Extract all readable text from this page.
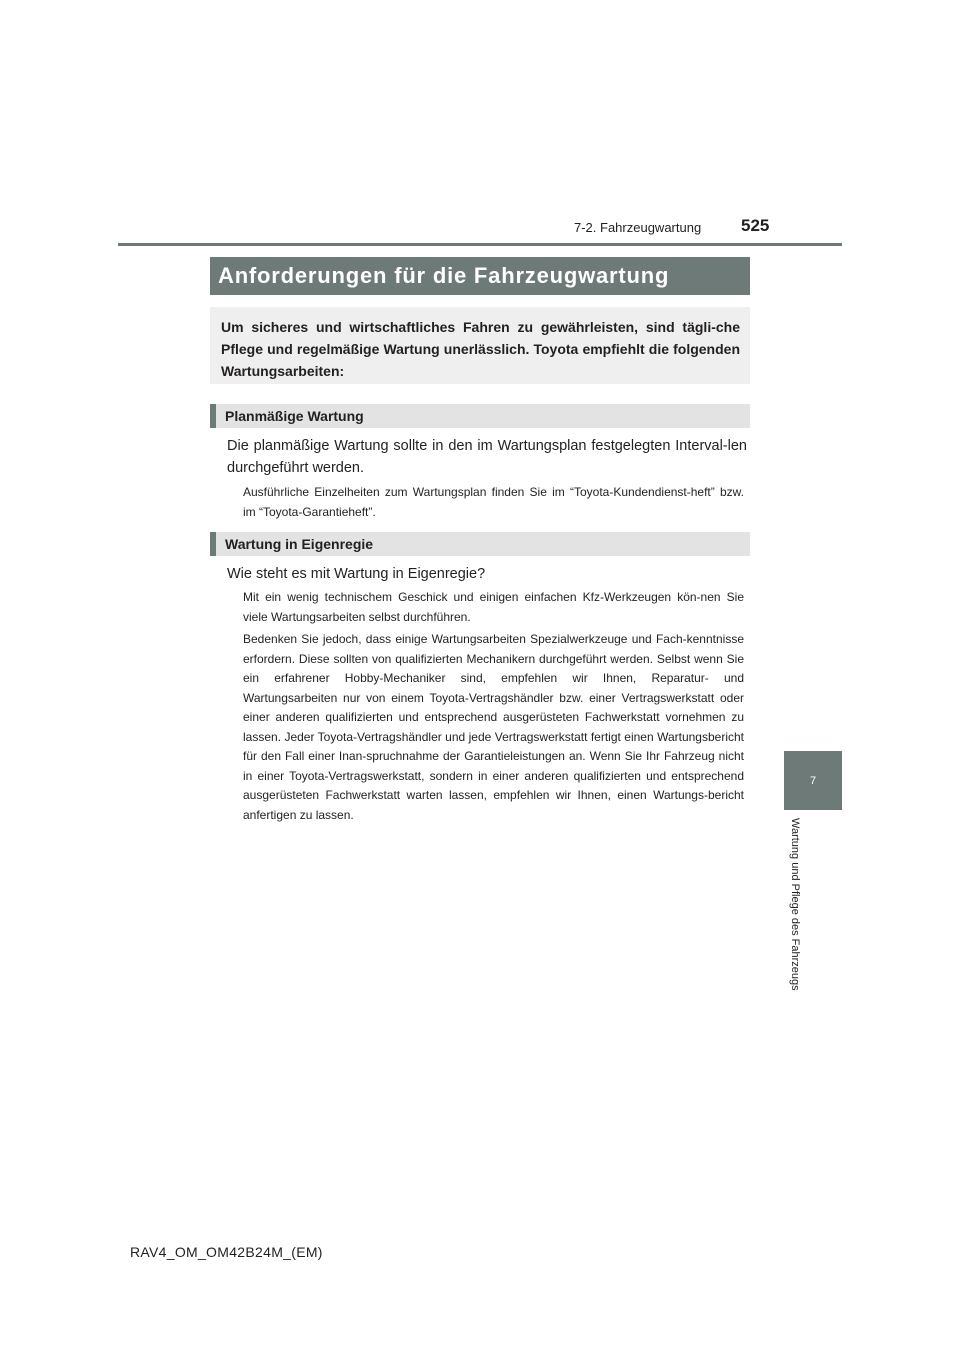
7-2. Fahrzeugwartung 525
7
Wartung und Pflege des Fahrzeugs
Anforderungen für die Fahrzeugwartung
Um sicheres und wirtschaftliches Fahren zu gewährleisten, sind tägli-che Pflege und regelmäßige Wartung unerlässlich. Toyota empfiehlt die folgenden Wartungsarbeiten:
Planmäßige Wartung
Die planmäßige Wartung sollte in den im Wartungsplan festgelegten Interval-len durchgeführt werden.
Ausführliche Einzelheiten zum Wartungsplan finden Sie im “Toyota-Kundendienst-heft” bzw. im “Toyota-Garantieheft”.
Wartung in Eigenregie
Wie steht es mit Wartung in Eigenregie?
Mit ein wenig technischem Geschick und einigen einfachen Kfz-Werkzeugen kön-nen Sie viele Wartungsarbeiten selbst durchführen.
Bedenken Sie jedoch, dass einige Wartungsarbeiten Spezialwerkzeuge und Fach-kenntnisse erfordern. Diese sollten von qualifizierten Mechanikern durchgeführt werden. Selbst wenn Sie ein erfahrener Hobby-Mechaniker sind, empfehlen wir Ihnen, Reparatur- und Wartungsarbeiten nur von einem Toyota-Vertragshändler bzw. einer Vertragswerkstatt oder einer anderen qualifizierten und entsprechend ausgerüsteten Fachwerkstatt vornehmen zu lassen. Jeder Toyota-Vertragshändler und jede Vertragswerkstatt fertigt einen Wartungsbericht für den Fall einer Inan-spruchnahme der Garantieleistungen an. Wenn Sie Ihr Fahrzeug nicht in einer Toyota-Vertragswerkstatt, sondern in einer anderen qualifizierten und entsprechend ausgerüsteten Fachwerkstatt warten lassen, empfehlen wir Ihnen, einen Wartungs-bericht anfertigen zu lassen.
RAV4_OM_OM42B24M_(EM)
